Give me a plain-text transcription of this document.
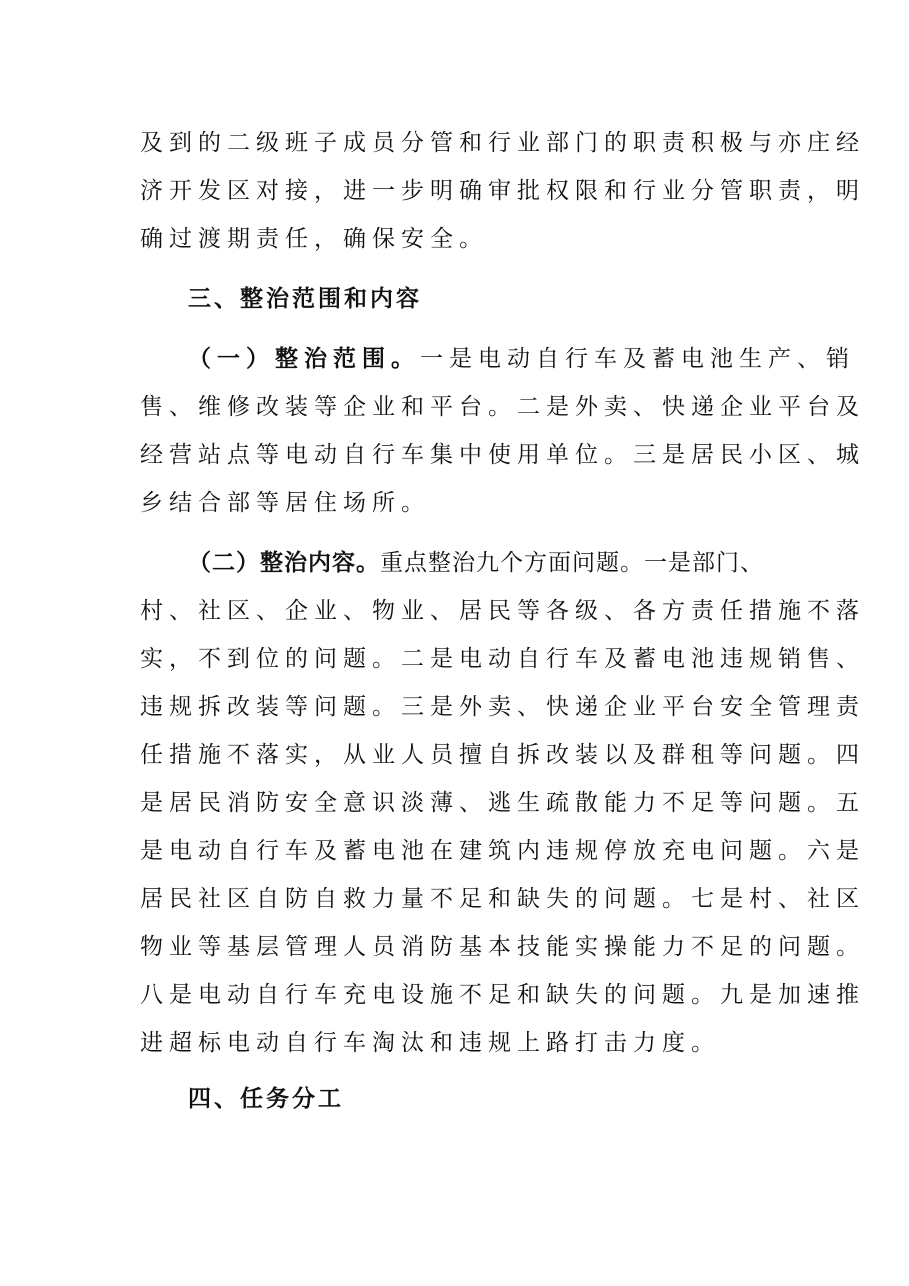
及到的二级班子成员分管和行业部门的职责积极与亦庄经

济开发区对接，进一步明确审批权限和行业分管职责，明

确过渡期责任，确保安全。

三、整治范围和内容

（一）整治范围。一是电动自行车及蓄电池生产、销

售、维修改装等企业和平台。二是外卖、快递企业平台及

经营站点等电动自行车集中使用单位。三是居民小区、城

乡结合部等居住场所。

（二）整治内容。重点整治九个方面问题。一是部门、

村、社区、企业、物业、居民等各级、各方责任措施不落

实，不到位的问题。二是电动自行车及蓄电池违规销售、

违规拆改装等问题。三是外卖、快递企业平台安全管理责

任措施不落实，从业人员擅自拆改装以及群租等问题。四

是居民消防安全意识淡薄、逃生疏散能力不足等问题。五

是电动自行车及蓄电池在建筑内违规停放充电问题。六是

居民社区自防自救力量不足和缺失的问题。七是村、社区

物业等基层管理人员消防基本技能实操能力不足的问题。

八是电动自行车充电设施不足和缺失的问题。九是加速推

进超标电动自行车淘汰和违规上路打击力度。

四、任务分工
